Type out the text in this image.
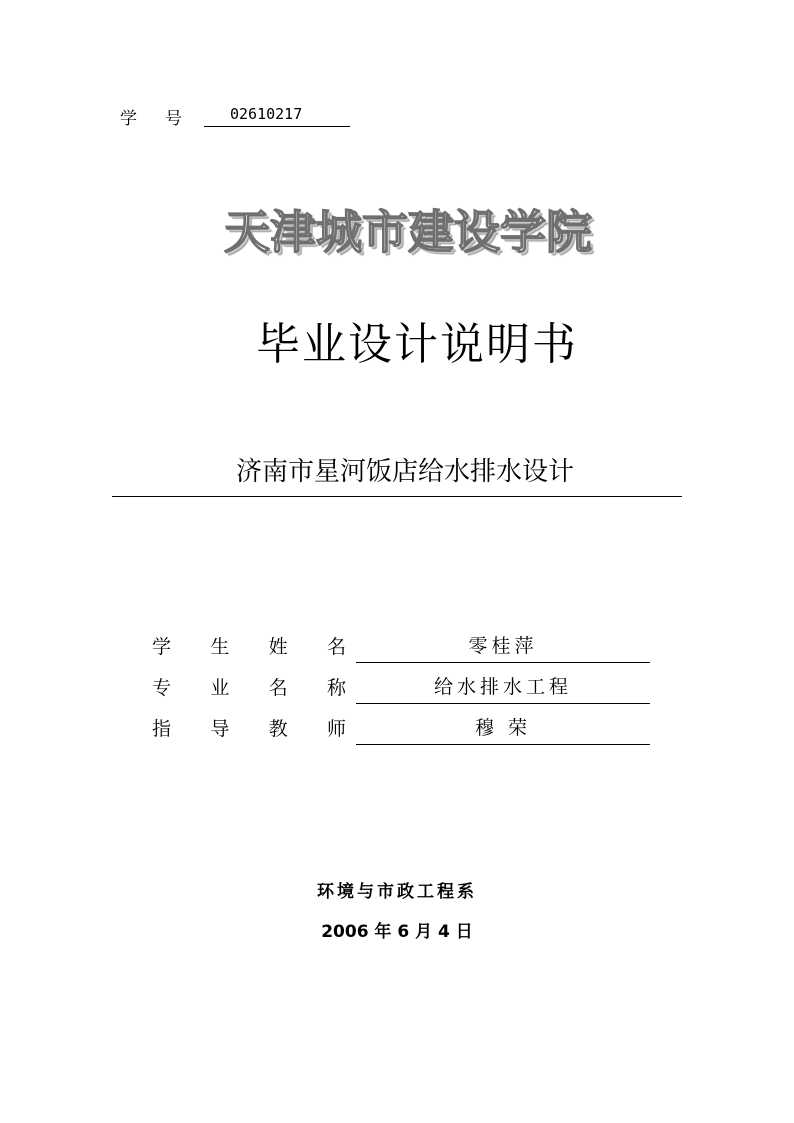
学 号	02610217
天津城市建设学院
毕业设计说明书
济南市星河饭店给水排水设计
学 生 姓 名	零桂萍
专 业 名 称	给水排水工程
指 导 教 师	穆 荣
环境与市政工程系
2006 年 6 月 4 日
